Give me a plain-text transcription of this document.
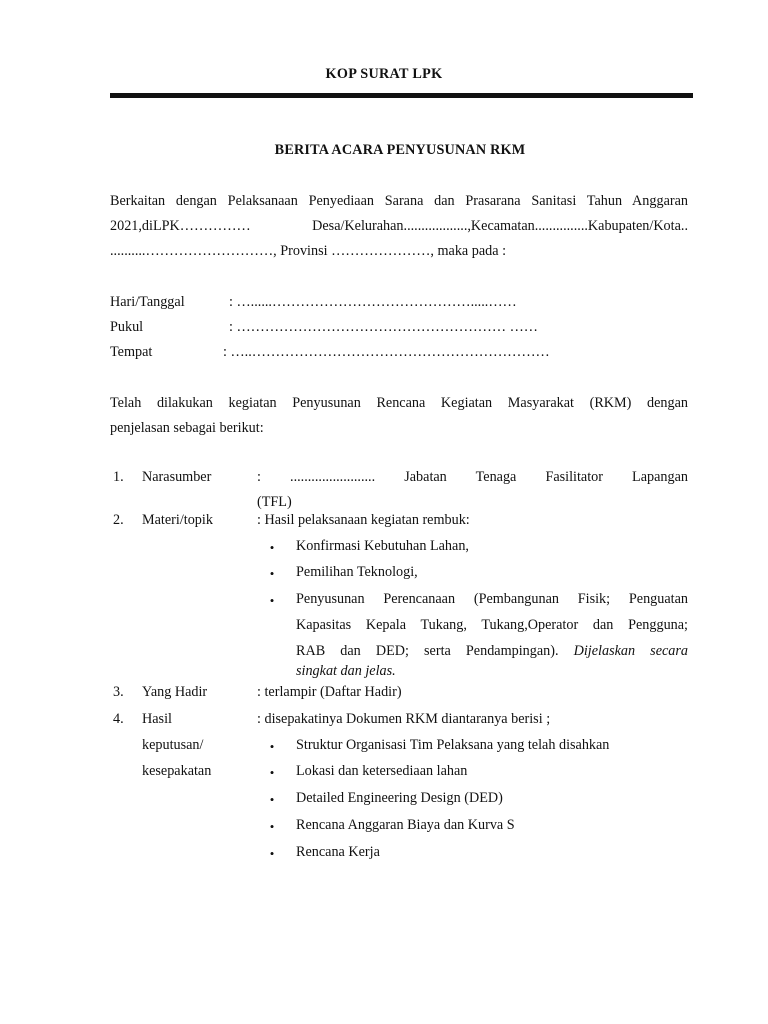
KOP SURAT LPK
BERITA ACARA PENYUSUNAN RKM
Berkaitan dengan Pelaksanaan Penyediaan Sarana dan Prasarana Sanitasi Tahun Anggaran
2021,diLPK…………… Desa/Kelurahan..................,Kecamatan...............Kabupaten/Kota..
..........………………………, Provinsi …………………, maka pada :
Hari/Tanggal	: …......…………………………………….....……
Pukul	: ………………………………………………… ……
Tempat	: …..………………………………………………………
Telah dilakukan kegiatan Penyusunan Rencana Kegiatan Masyarakat (RKM) dengan
penjelasan sebagai berikut:
1. Narasumber	: ........................ Jabatan Tenaga Fasilitator Lapangan
(TFL)
2. Materi/topik	: Hasil pelaksanaan kegiatan rembuk:
•
Konfirmasi Kebutuhan Lahan,
•
Pemilihan Teknologi,
•
Penyusunan Perencanaan (Pembangunan Fisik; Penguatan
Kapasitas Kepala Tukang, Tukang,Operator dan Pengguna;
RAB dan DED; serta Pendampingan). Dijelaskan secara
singkat dan jelas.
3. Yang Hadir	: terlampir (Daftar Hadir)
4. Hasil
keputusan/
kesepakatan
: disepakatinya Dokumen RKM diantaranya berisi ;
•
Struktur Organisasi Tim Pelaksana yang telah disahkan
•
Lokasi dan ketersediaan lahan
•
Detailed Engineering Design (DED)
•
Rencana Anggaran Biaya dan Kurva S
•
Rencana Kerja
